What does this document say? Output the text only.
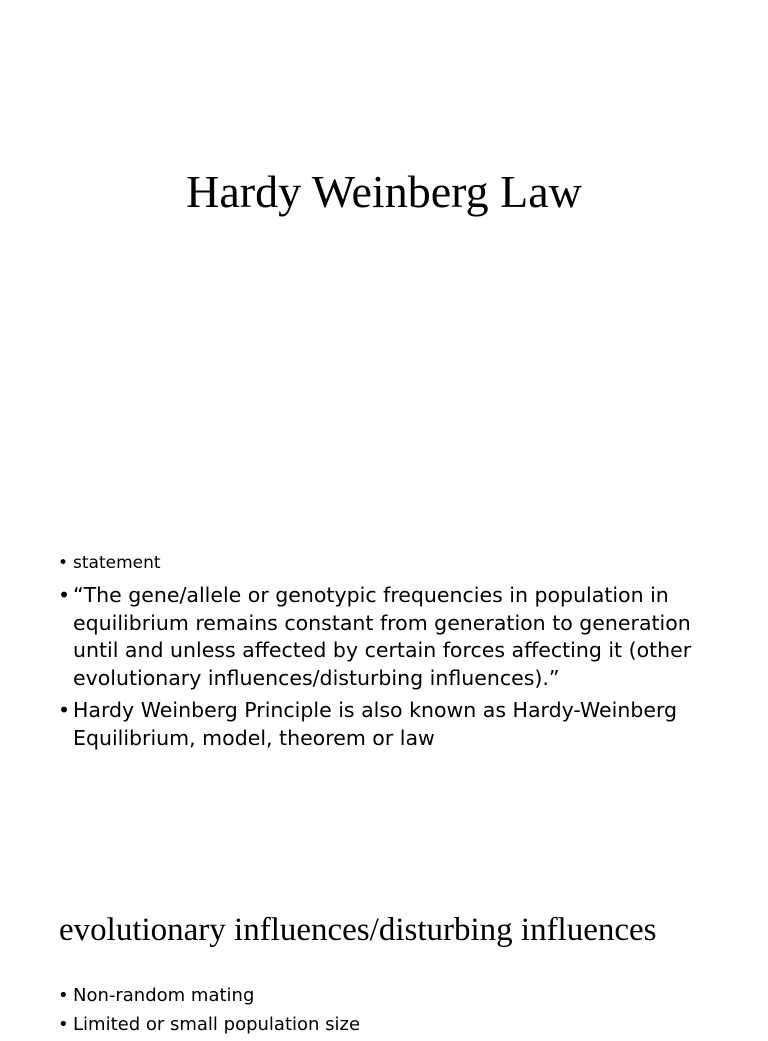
Hardy Weinberg Law
• statement
• “The gene/allele or genotypic frequencies in population in equilibrium remains constant from generation to generation until and unless affected by certain forces affecting it (other evolutionary influences/disturbing influences).”
• Hardy Weinberg Principle is also known as Hardy-Weinberg Equilibrium, model, theorem or law
evolutionary influences/disturbing influences
• Non-random mating
• Limited or small population size
